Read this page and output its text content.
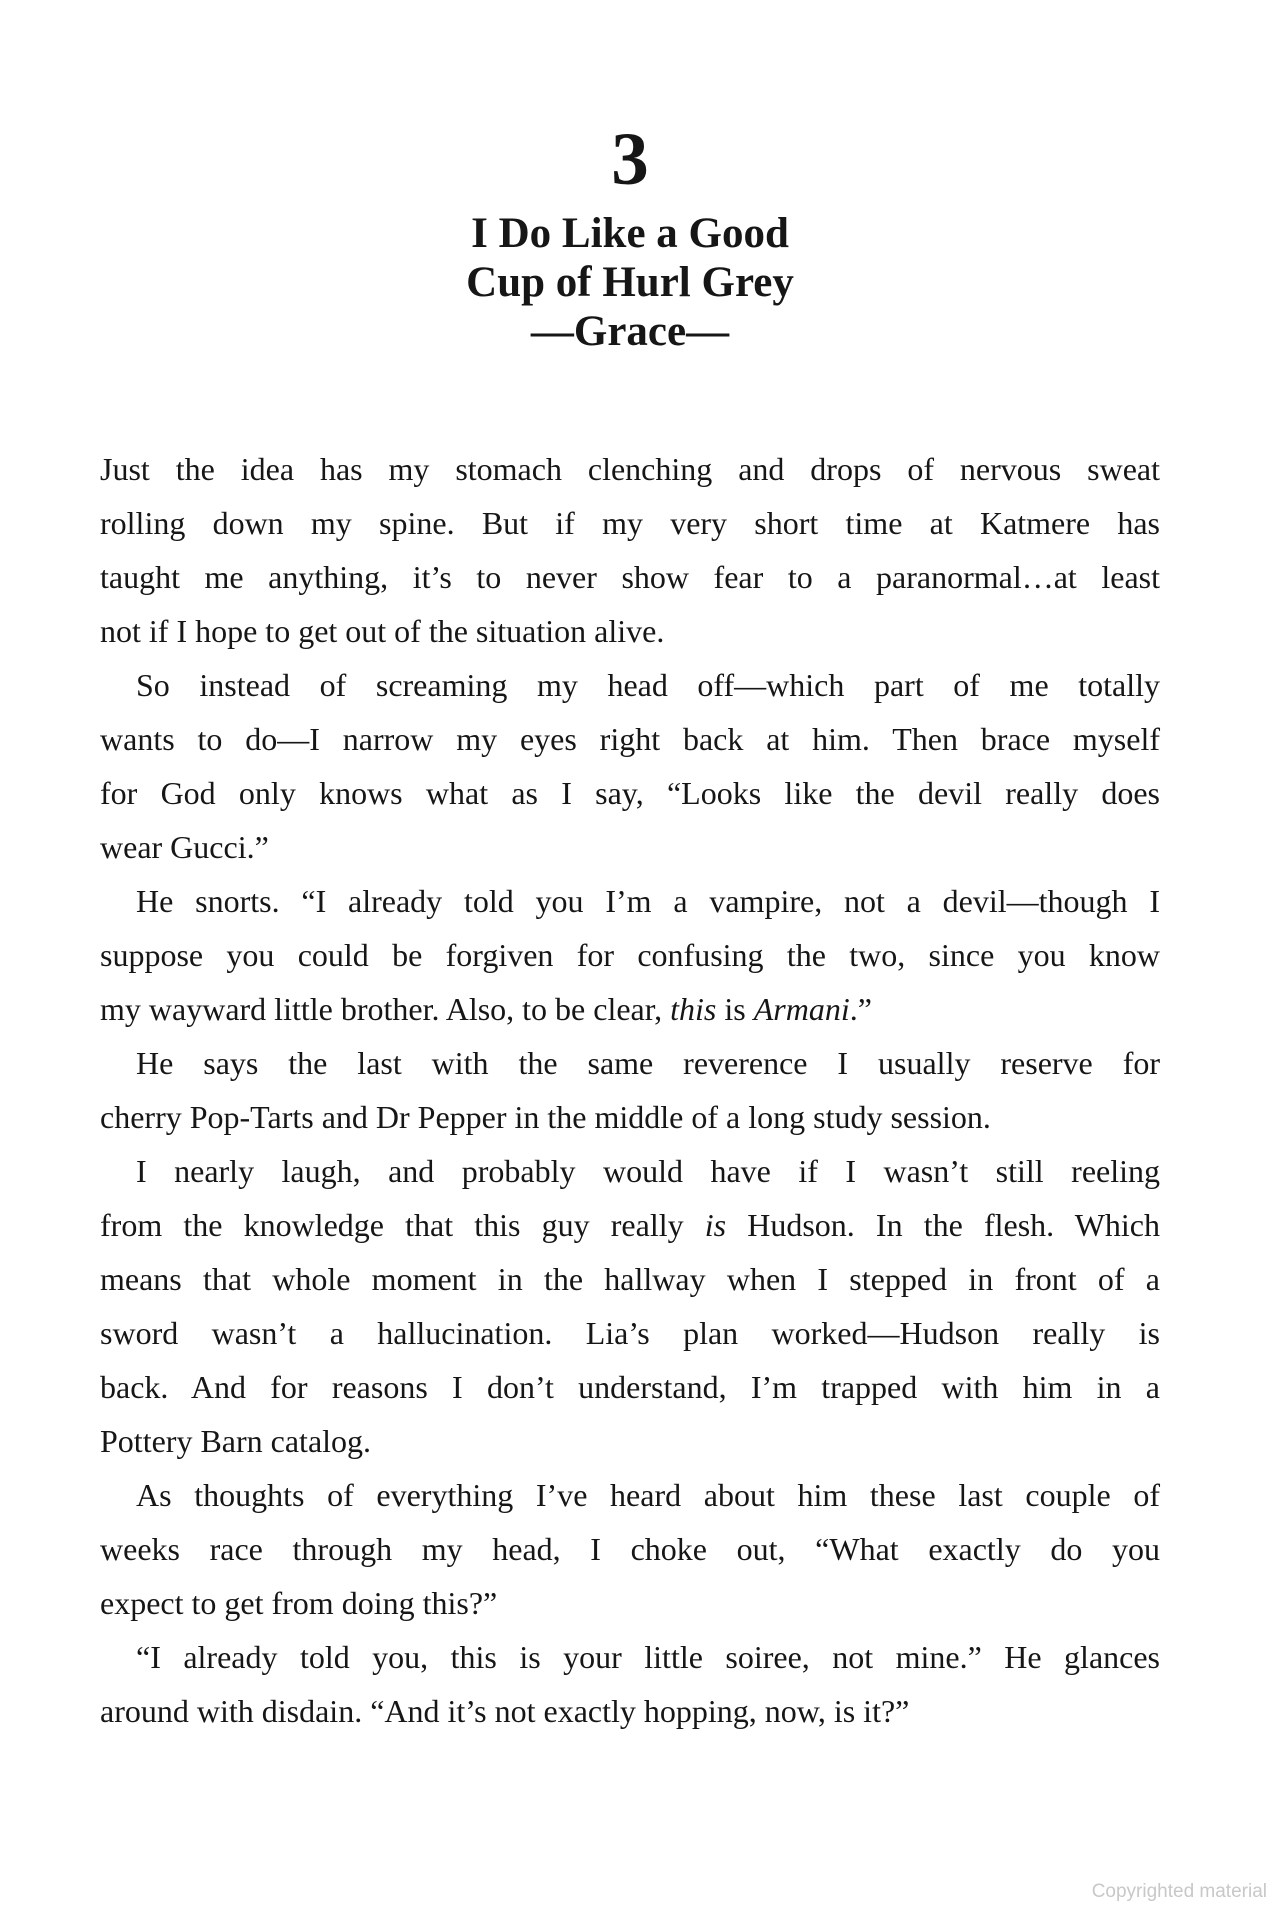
3
I Do Like a Good
Cup of Hurl Grey
—Grace—
Just the idea has my stomach clenching and drops of nervous sweat
rolling down my spine. But if my very short time at Katmere has
taught me anything, it’s to never show fear to a paranormal…at least
not if I hope to get out of the situation alive.
So instead of screaming my head off—which part of me totally
wants to do—I narrow my eyes right back at him. Then brace myself
for God only knows what as I say, “Looks like the devil really does
wear Gucci.”
He snorts. “I already told you I’m a vampire, not a devil—though I
suppose you could be forgiven for confusing the two, since you know
my wayward little brother. Also, to be clear, this is Armani.”
He says the last with the same reverence I usually reserve for
cherry Pop-Tarts and Dr Pepper in the middle of a long study session.
I nearly laugh, and probably would have if I wasn’t still reeling
from the knowledge that this guy really is Hudson. In the flesh. Which
means that whole moment in the hallway when I stepped in front of a
sword wasn’t a hallucination. Lia’s plan worked—Hudson really is
back. And for reasons I don’t understand, I’m trapped with him in a
Pottery Barn catalog.
As thoughts of everything I’ve heard about him these last couple of
weeks race through my head, I choke out, “What exactly do you
expect to get from doing this?”
“I already told you, this is your little soiree, not mine.” He glances
around with disdain. “And it’s not exactly hopping, now, is it?”
Copyrighted material
